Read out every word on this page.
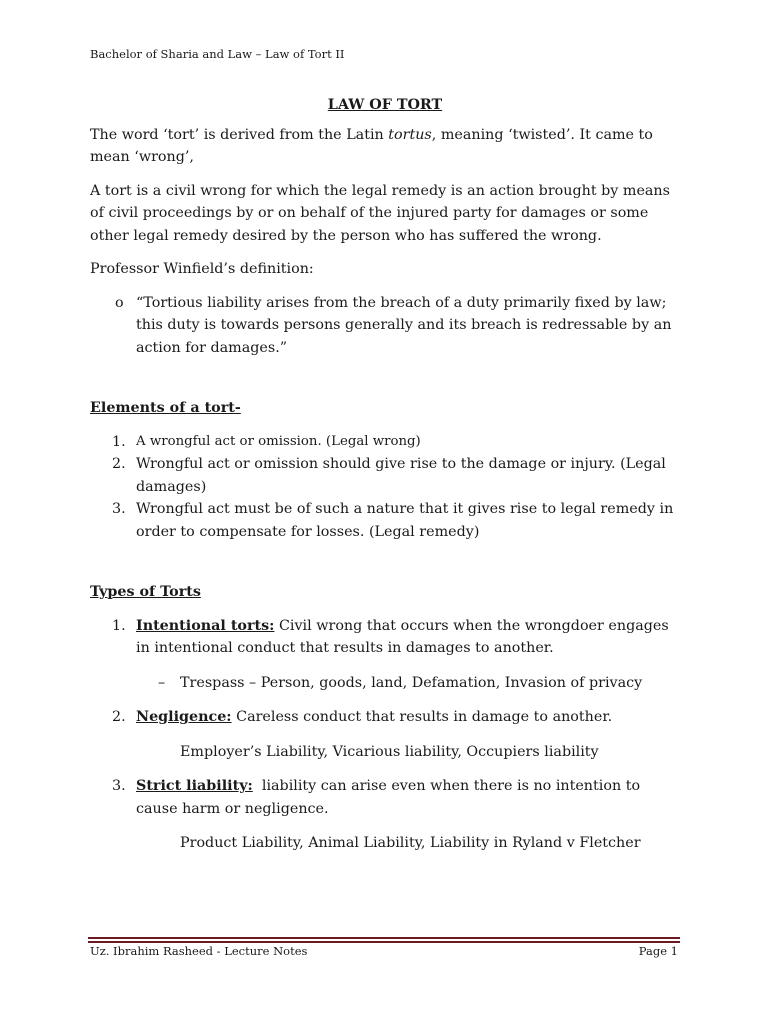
Bachelor of Sharia and Law – Law of Tort II
LAW OF TORT

The word ‘tort’ is derived from the Latin tortus, meaning ‘twisted’. It came to mean ‘wrong’,

A tort is a civil wrong for which the legal remedy is an action brought by means of civil proceedings by or on behalf of the injured party for damages or some other legal remedy desired by the person who has suffered the wrong.

Professor Winfield’s definition:

o “Tortious liability arises from the breach of a duty primarily fixed by law; this duty is towards persons generally and its breach is redressable by an action for damages.”
Elements of a tort-
1. A wrongful act or omission. (Legal wrong)
2. Wrongful act or omission should give rise to the damage or injury. (Legal damages)
3. Wrongful act must be of such a nature that it gives rise to legal remedy in order to compensate for losses. (Legal remedy)
Types of Torts
1. Intentional torts: Civil wrong that occurs when the wrongdoer engages in intentional conduct that results in damages to another.
–	Trespass – Person, goods, land, Defamation, Invasion of privacy
2. Negligence: Careless conduct that results in damage to another.
Employer’s Liability, Vicarious liability, Occupiers liability
3. Strict liability:  liability can arise even when there is no intention to cause harm or negligence.
Product Liability, Animal Liability, Liability in Ryland v Fletcher
Uz. Ibrahim Rasheed - Lecture Notes	Page 1
